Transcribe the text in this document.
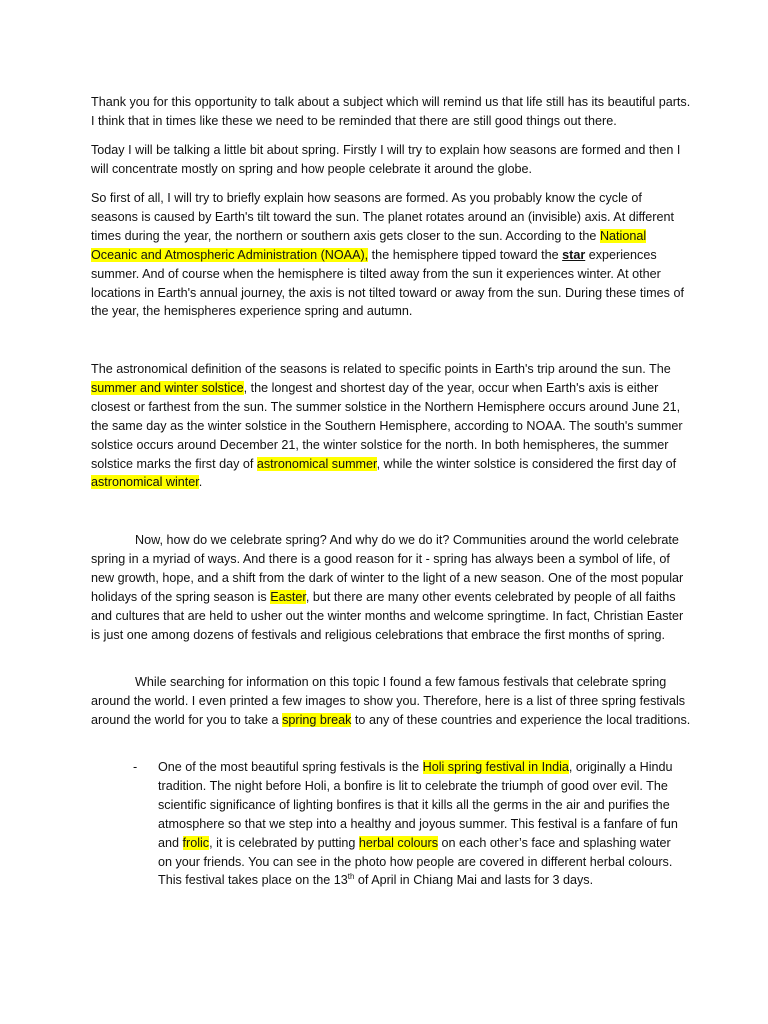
Thank you for this opportunity to talk about a subject which will remind us that life still has its beautiful parts. I think that in times like these we need to be reminded that there are still good things out there.

Today I will be talking a little bit about spring. Firstly I will try to explain how seasons are formed and then I will concentrate mostly on spring and how people celebrate it around the globe.

So first of all, I will try to briefly explain how seasons are formed. As you probably know the cycle of seasons is caused by Earth's tilt toward the sun. The planet rotates around an (invisible) axis. At different times during the year, the northern or southern axis gets closer to the sun. According to the National Oceanic and Atmospheric Administration (NOAA), the hemisphere tipped toward the star experiences summer. And of course when the hemisphere is tilted away from the sun it experiences winter. At other locations in Earth's annual journey, the axis is not tilted toward or away from the sun. During these times of the year, the hemispheres experience spring and autumn.

The astronomical definition of the seasons is related to specific points in Earth's trip around the sun. The summer and winter solstice, the longest and shortest day of the year, occur when Earth's axis is either closest or farthest from the sun. The summer solstice in the Northern Hemisphere occurs around June 21, the same day as the winter solstice in the Southern Hemisphere, according to NOAA. The south's summer solstice occurs around December 21, the winter solstice for the north. In both hemispheres, the summer solstice marks the first day of astronomical summer, while the winter solstice is considered the first day of astronomical winter.

Now, how do we celebrate spring? And why do we do it? Communities around the world celebrate spring in a myriad of ways. And there is a good reason for it - spring has always been a symbol of life, of new growth, hope, and a shift from the dark of winter to the light of a new season. One of the most popular holidays of the spring season is Easter, but there are many other events celebrated by people of all faiths and cultures that are held to usher out the winter months and welcome springtime. In fact, Christian Easter is just one among dozens of festivals and religious celebrations that embrace the first months of spring.

While searching for information on this topic I found a few famous festivals that celebrate spring around the world. I even printed a few images to show you. Therefore, here is a list of three spring festivals around the world for you to take a spring break to any of these countries and experience the local traditions.

- One of the most beautiful spring festivals is the Holi spring festival in India, originally a Hindu tradition. The night before Holi, a bonfire is lit to celebrate the triumph of good over evil. The scientific significance of lighting bonfires is that it kills all the germs in the air and purifies the atmosphere so that we step into a healthy and joyous summer. This festival is a fanfare of fun and frolic, it is celebrated by putting herbal colours on each other’s face and splashing water on your friends. You can see in the photo how people are covered in different herbal colours. This festival takes place on the 13th of April in Chiang Mai and lasts for 3 days.
